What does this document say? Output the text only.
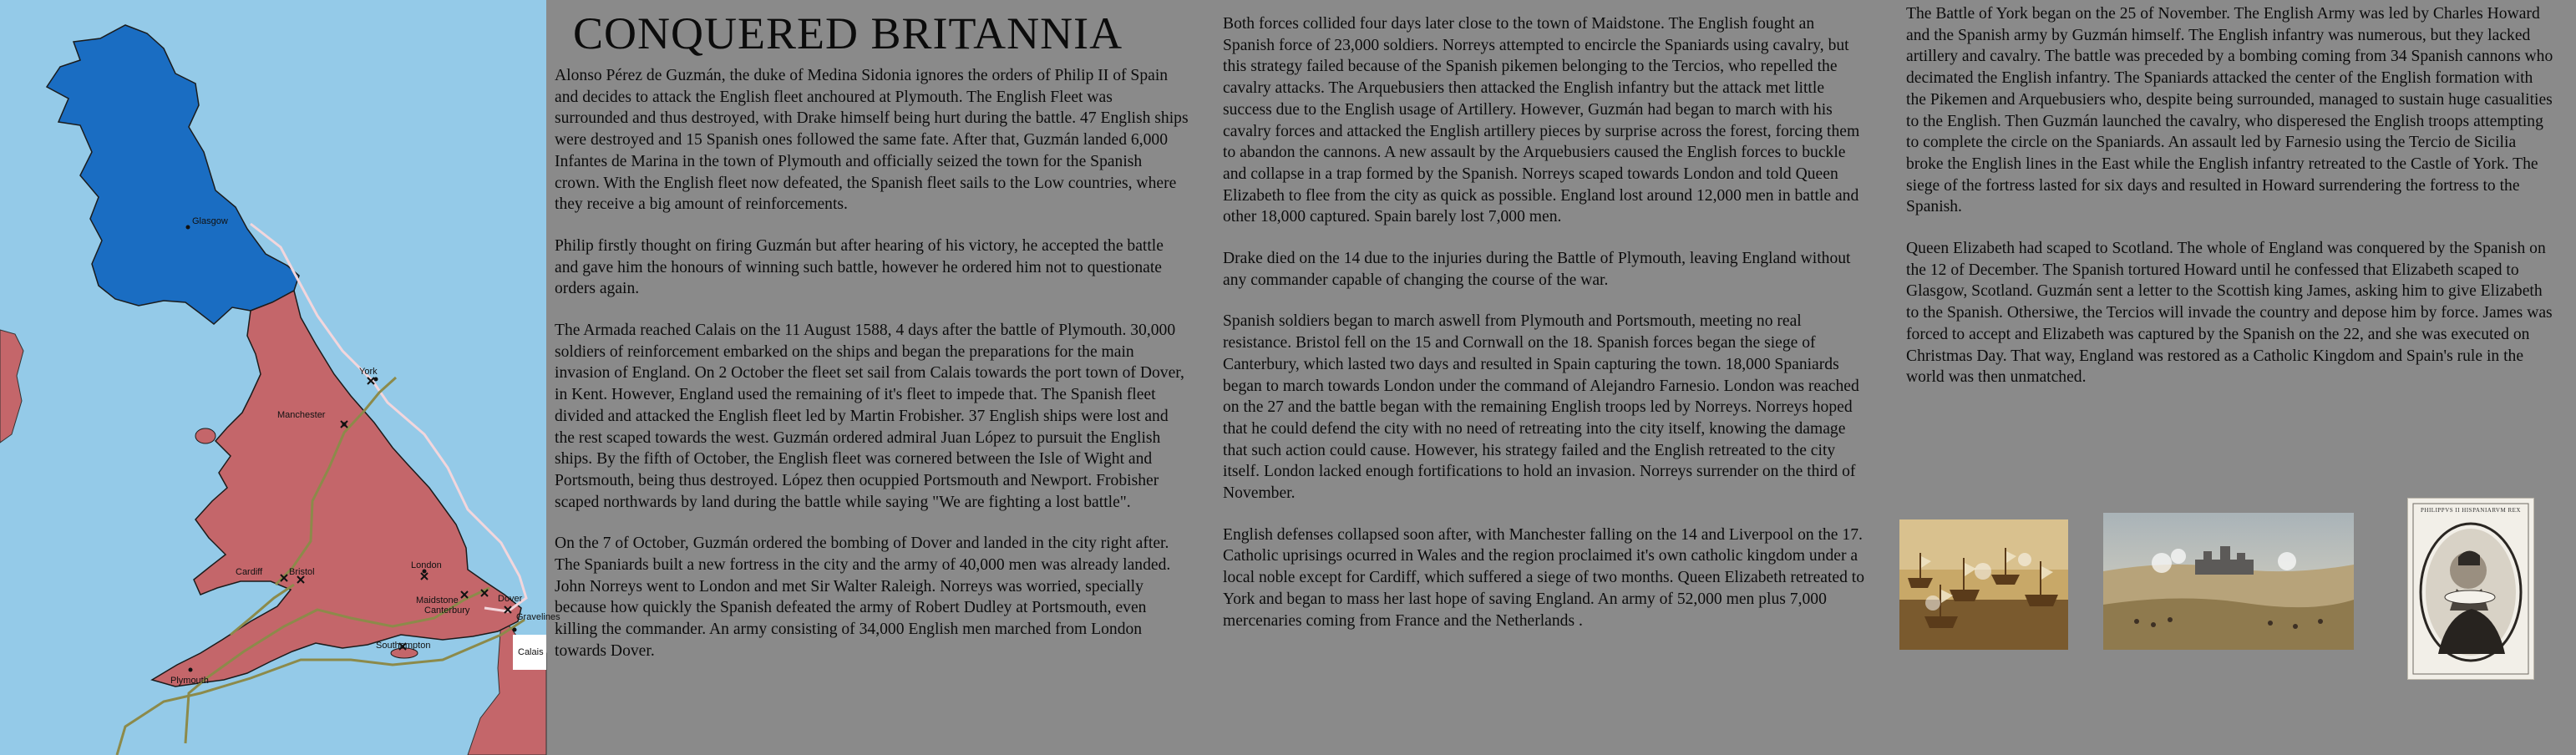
Glasgow
York
Manchester
Cardiff	Bristol
London
Maidstone
Canterbury
Dover
Southampton
Plymouth
Gravelines
Calais
CONQUERED BRITANNIA

Alonso Pérez de Guzmán, the duke of Medina Sidonia ignores the orders of Philip II of Spain and decides to attack the English fleet anchoured at Plymouth. The English Fleet was surrounded and thus destroyed, with Drake himself being hurt during the battle. 47 English ships were destroyed and 15 Spanish ones followed the same fate. After that, Guzmán landed 6,000 Infantes de Marina in the town of Plymouth and officially seized the town for the Spanish crown. With the English fleet now defeated, the Spanish fleet sails to the Low countries, where they receive a big amount of reinforcements.

Philip firstly thought on firing Guzmán but after hearing of his victory, he accepted the battle and gave him the honours of winning such battle, however he ordered him not to questionate orders again.

The Armada reached Calais on the 11 August 1588, 4 days after the battle of Plymouth. 30,000 soldiers of reinforcement embarked on the ships and began the preparations for the main invasion of England. On 2 October the fleet set sail from Calais towards the port town of Dover, in Kent. However, England used the remaining of it's fleet to impede that. The Spanish fleet divided and attacked the English fleet led by Martin Frobisher. 37 English ships were lost and the rest scaped towards the west. Guzmán ordered admiral Juan López to pursuit the English ships. By the fifth of October, the English fleet was cornered between the Isle of Wight and Portsmouth, being thus destroyed. López then ocuppied Portsmouth and Newport. Frobisher scaped northwards by land during the battle while saying "We are fighting a lost battle".

On the 7 of October, Guzmán ordered the bombing of Dover and landed in the city right after. The Spaniards built a new fortress in the city and the army of 40,000 men was already landed. John Norreys went to London and met Sir Walter Raleigh. Norreys was worried, specially because how quickly the Spanish defeated the army of Robert Dudley at Portsmouth, even killing the commander. An army consisting of 34,000 English men marched from London towards Dover.

Both forces collided four days later close to the town of Maidstone. The English fought an Spanish force of 23,000 soldiers. Norreys attempted to encircle the Spaniards using cavalry, but this strategy failed because of the Spanish pikemen belonging to the Tercios, who repelled the cavalry attacks. The Arquebusiers then attacked the English infantry but the attack met little success due to the English usage of Artillery. However, Guzmán had began to march with his cavalry forces and attacked the English artillery pieces by surprise across the forest, forcing them to abandon the cannons. A new assault by the Arquebusiers caused the English forces to buckle and collapse in a trap formed by the Spanish. Norreys scaped towards London and told Queen Elizabeth to flee from the city as quick as possible. England lost around 12,000 men in battle and other 18,000 captured. Spain barely lost 7,000 men.

Drake died on the 14 due to the injuries during the Battle of Plymouth, leaving England without any commander capable of changing the course of the war.

Spanish soldiers began to march aswell from Plymouth and Portsmouth, meeting no real resistance. Bristol fell on the 15 and Cornwall on the 18. Spanish forces began the siege of Canterbury, which lasted two days and resulted in Spain capturing the town. 18,000 Spaniards began to march towards London under the command of Alejandro Farnesio. London was reached on the 27 and the battle began with the remaining English troops led by Norreys. Norreys hoped that he could defend the city with no need of retreating into the city itself, knowing the damage that such action could cause. However, his strategy failed and the English retreated to the city itself. London lacked enough fortifications to hold an invasion. Norreys surrender on the third of November.

English defenses collapsed soon after, with Manchester falling on the 14 and Liverpool on the 17. Catholic uprisings ocurred in Wales and the region proclaimed it's own catholic kingdom under a local noble except for Cardiff, which suffered a siege of two months. Queen Elizabeth retreated to York and began to mass her last hope of saving England. An army of 52,000 men plus 7,000 mercenaries coming from France and the Netherlands .

The Battle of York began on the 25 of November. The English Army was led by Charles Howard and the Spanish army by Guzmán himself. The English infantry was numerous, but they lacked artillery and cavalry. The battle was preceded by a bombing coming from 34 Spanish cannons who decimated the English infantry. The Spaniards attacked the center of the English formation with the Pikemen and Arquebusiers who, despite being surrounded, managed to sustain huge casualities to the English. Then Guzmán launched the cavalry, who disperesed the English troops attempting to complete the circle on the Spaniards. An assault led by Farnesio using the Tercio de Sicilia broke the English lines in the East while the English infantry retreated to the Castle of York. The siege of the fortress lasted for six days and resulted in Howard surrendering the fortress to the Spanish.

Queen Elizabeth had scaped to Scotland. The whole of England was conquered by the Spanish on the 12 of December. The Spanish tortured Howard until he confessed that Elizabeth scaped to Glasgow, Scotland. Guzmán sent a letter to the Scottish king James, asking him to give Elizabeth to the Spanish. Othersiwe, the Tercios will invade the country and depose him by force. James was forced to accept and Elizabeth was captured by the Spanish on the 22, and she was executed on Christmas Day. That way, England was restored as a Catholic Kingdom and Spain's rule in the world was then unmatched.

PHILIPPVS II HISPANIARVM REX
